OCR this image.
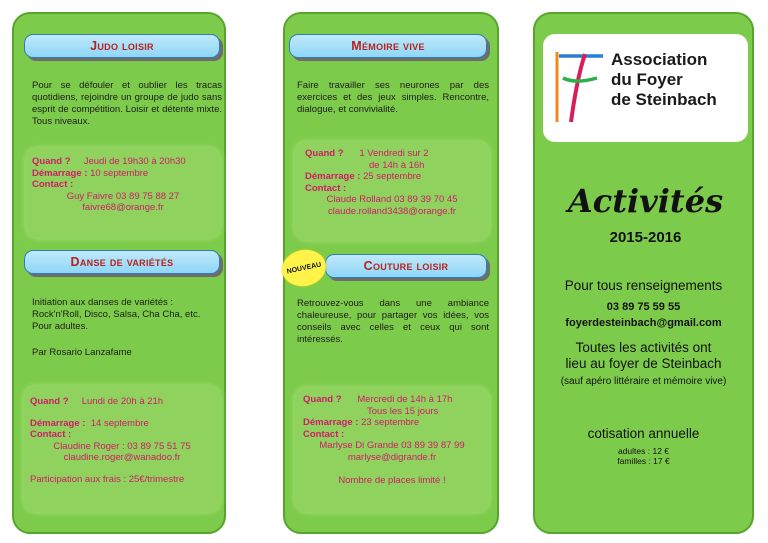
Judo loisir
Pour se défouler et oublier les tracas quotidiens, rejoindre un groupe de judo sans esprit de compétition. Loisir et détente mixte. Tous niveaux.
Quand ? Jeudi de 19h30 à 20h30
Démarrage : 10 septembre
Contact :
Guy Faivre 03 89 75 88 27
faivre68@orange.fr
Danse de variétés
Initiation aux danses de variétés : Rock'n'Roll, Disco, Salsa, Cha Cha, etc. Pour adultes.
Par Rosario Lanzafame
Quand ? Lundi de 20h à 21h
Démarrage : 14 septembre
Contact :
Claudine Roger : 03 89 75 51 75
claudine.roger@wanadoo.fr
Participation aux frais : 25€/trimestre
Mémoire vive
Faire travailler ses neurones par des exercices et des jeux simples. Rencontre, dialogue, et convivialité.
Quand ? 1 Vendredi sur 2
de 14h à 16h
Démarrage : 25 septembre
Contact :
Claude Rolland 03 89 39 70 45
claude.rolland3438@orange.fr
Couture loisir
Retrouvez-vous dans une ambiance chaleureuse, pour partager vos idées, vos conseils avec celles et ceux qui sont intéressés.
Quand ? Mercredi de 14h à 17h
Tous les 15 jours
Démarrage : 23 septembre
Contact :
Marlyse Di Grande 03 89 39 87 99
marlyse@digrande.fr
Nombre de places limité !
NOUVEAU
Association
du Foyer
de Steinbach
Activités
2015-2016
Pour tous renseignements
03 89 75 59 55
foyerdesteinbach@gmail.com
Toutes les activités ont
lieu au foyer de Steinbach
(sauf apéro littéraire et mémoire vive)
cotisation annuelle
adultes : 12 €
familles : 17 €
